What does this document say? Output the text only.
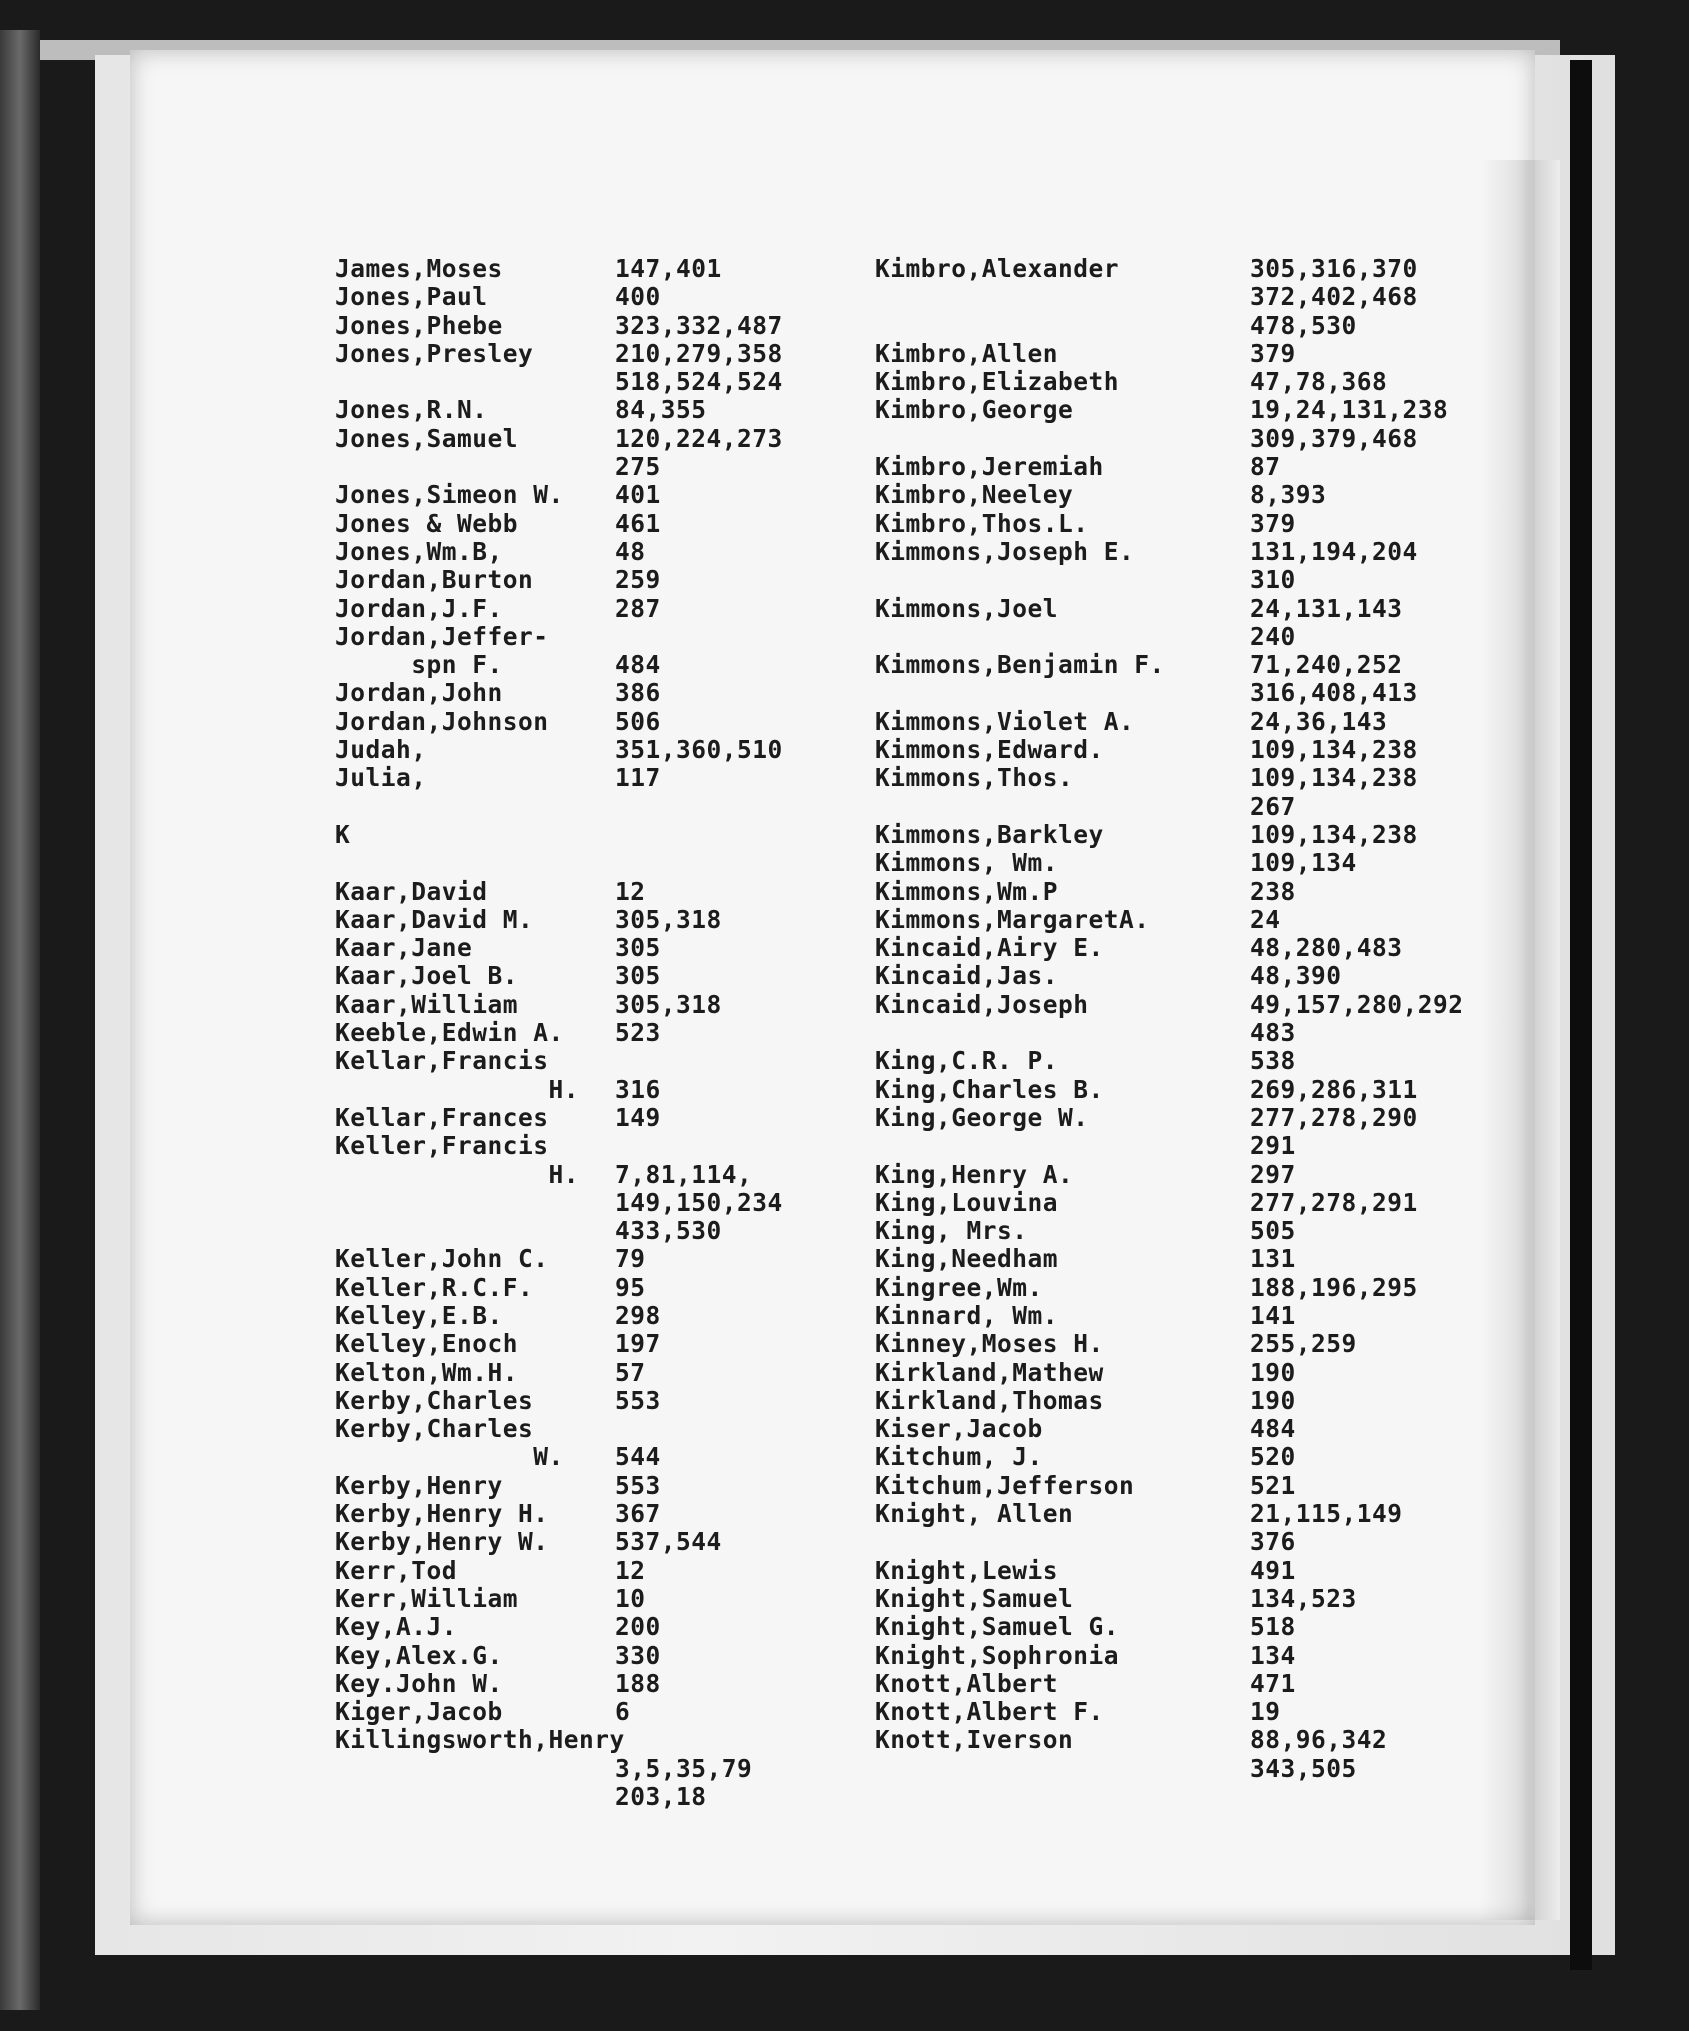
James,Moses	147,401
Jones,Paul	400
Jones,Phebe	323,332,487
Jones,Presley	210,279,358
518,524,524
Jones,R.N.	84,355
Jones,Samuel	120,224,273
275
Jones,Simeon W. 401
Jones & Webb	461
Jones,Wm.B,	48
Jordan,Burton	259
Jordan,J.F.	287
Jordan,Jeffer-
spn F.	484
Jordan,John	386
Jordan,Johnson	506
Judah,	351,360,510
Julia,	117
K
Kaar,David	12
Kaar,David M.	305,318
Kaar,Jane	305
Kaar,Joel B.	305
Kaar,William	305,318
Keeble,Edwin A. 523
Kellar,Francis
H. 316
Kellar,Frances	149
Keller,Francis
H. 7,81,114,
149,150,234
433,530
Keller,John C.	79
Keller,R.C.F.	95
Kelley,E.B.	298
Kelley,Enoch	197
Kelton,Wm.H.	57
Kerby,Charles	553
Kerby,Charles
W. 544
Kerby,Henry	553
Kerby,Henry H.	367
Kerby,Henry W.	537,544
Kerr,Tod	12
Kerr,William	10
Key,A.J.	200
Key,Alex.G.	330
Key.John W.	188
Kiger,Jacob	6
Killingsworth,Henry
3,5,35,79
203,18
Kimbro,Alexander	305,316,370
372,402,468
478,530
Kimbro,Allen	379
Kimbro,Elizabeth	47,78,368
Kimbro,George	19,24,131,238
309,379,468
Kimbro,Jeremiah	87
Kimbro,Neeley	8,393
Kimbro,Thos.L.	379
Kimmons,Joseph E.	131,194,204
310
Kimmons,Joel	24,131,143
240
Kimmons,Benjamin F.	71,240,252
316,408,413
Kimmons,Violet A.	24,36,143
Kimmons,Edward.	109,134,238
Kimmons,Thos.	109,134,238
267
Kimmons,Barkley	109,134,238
Kimmons, Wm.	109,134
Kimmons,Wm.P	238
Kimmons,MargaretA.	24
Kincaid,Airy E.	48,280,483
Kincaid,Jas.	48,390
Kincaid,Joseph	49,157,280,292
483
King,C.R. P.	538
King,Charles B.	269,286,311
King,George W.	277,278,290
291
King,Henry A.	297
King,Louvina	277,278,291
King, Mrs.	505
King,Needham	131
Kingree,Wm.	188,196,295
Kinnard, Wm.	141
Kinney,Moses H.	255,259
Kirkland,Mathew	190
Kirkland,Thomas	190
Kiser,Jacob	484
Kitchum, J.	520
Kitchum,Jefferson	521
Knight, Allen	21,115,149
376
Knight,Lewis	491
Knight,Samuel	134,523
Knight,Samuel G.	518
Knight,Sophronia	134
Knott,Albert	471
Knott,Albert F.	19
Knott,Iverson	88,96,342
343,505
